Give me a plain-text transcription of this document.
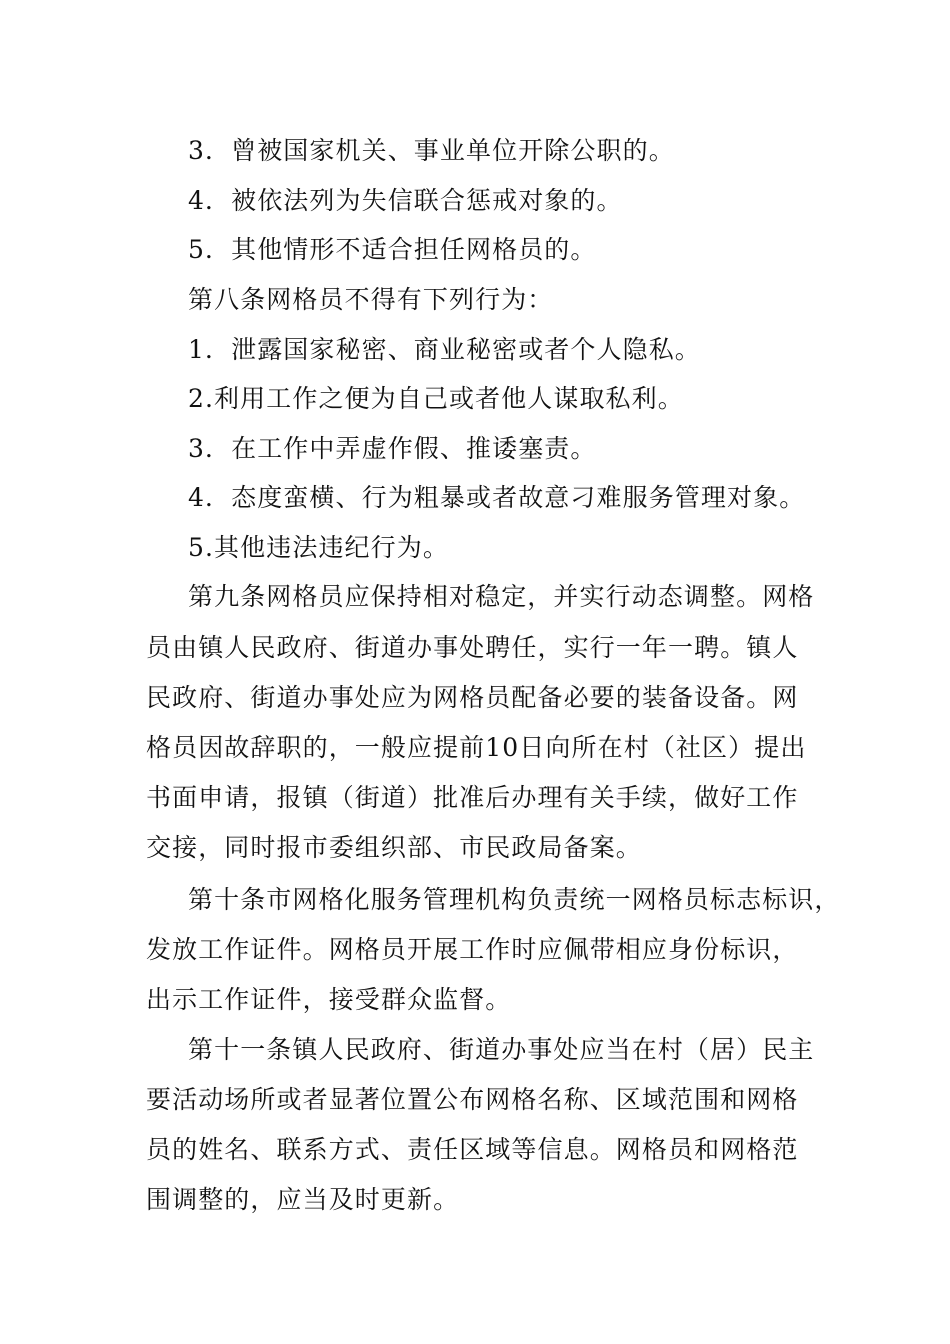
3．曾被国家机关、事业单位开除公职的。
4．被依法列为失信联合惩戒对象的。
5．其他情形不适合担任网格员的。
第八条网格员不得有下列行为：
1．泄露国家秘密、商业秘密或者个人隐私。
2.利用工作之便为自己或者他人谋取私利。
3．在工作中弄虚作假、推诿塞责。
4．态度蛮横、行为粗暴或者故意刁难服务管理对象。
5.其他违法违纪行为。
第九条网格员应保持相对稳定，并实行动态调整。网格
员由镇人民政府、街道办事处聘任，实行一年一聘。镇人
民政府、街道办事处应为网格员配备必要的装备设备。网
格员因故辞职的，一般应提前10日向所在村（社区）提出
书面申请，报镇（街道）批准后办理有关手续，做好工作
交接，同时报市委组织部、市民政局备案。
第十条市网格化服务管理机构负责统一网格员标志标识，
发放工作证件。网格员开展工作时应佩带相应身份标识，
出示工作证件，接受群众监督。
第十一条镇人民政府、街道办事处应当在村（居）民主
要活动场所或者显著位置公布网格名称、区域范围和网格
员的姓名、联系方式、责任区域等信息。网格员和网格范
围调整的，应当及时更新。
